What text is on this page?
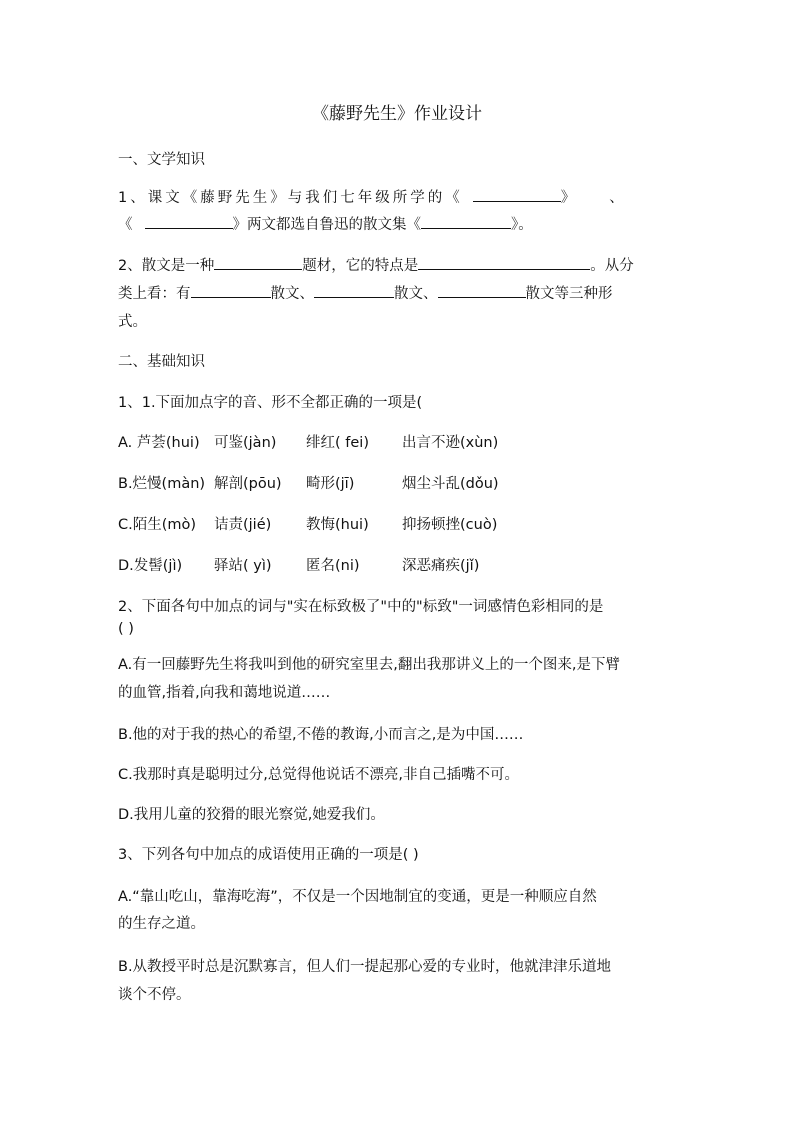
《藤野先生》作业设计
一、文学知识
1、课文《藤野先生》与我们七年级所学的《	》 、
《	》两文都选自鲁迅的散文集《	》。
2、散文是一种	题材，它的特点是	。从分
类上看：有	散文、	散文、	散文等三种形
式。
二、基础知识
1、1.下面加点字的音、形不全都正确的一项是(
A. 芦荟(hui) 可鉴(jàn) 绯红( fei) 出言不逊(xùn)
B.烂慢(màn) 解剖(pōu) 畸形(jī)	烟尘斗乱(dǒu)
C.陌生(mò) 诘责(jié) 教悔(hui) 抑扬顿挫(cuò)
D.发髻(jì) 驿站( yì) 匿名(ni)	深恶痛疾(jǐ)
2、下面各句中加点的词与"实在标致极了"中的"标致"一词感情色彩相同的是
( )
A.有一回藤野先生将我叫到他的研究室里去,翻出我那讲义上的一个图来,是下臂
的血管,指着,向我和蔼地说道……
B.他的对于我的热心的希望,不倦的教诲,小而言之,是为中国……
C.我那时真是聪明过分,总觉得他说话不漂亮,非自己插嘴不可。
D.我用儿童的狡猾的眼光察觉,她爱我们。
3、下列各句中加点的成语使用正确的一项是( )
A.“靠山吃山，靠海吃海”，不仅是一个因地制宜的变通，更是一种顺应自然
的生存之道。
B.从教授平时总是沉默寡言，但人们一提起那心爱的专业时，他就津津乐道地
谈个不停。
